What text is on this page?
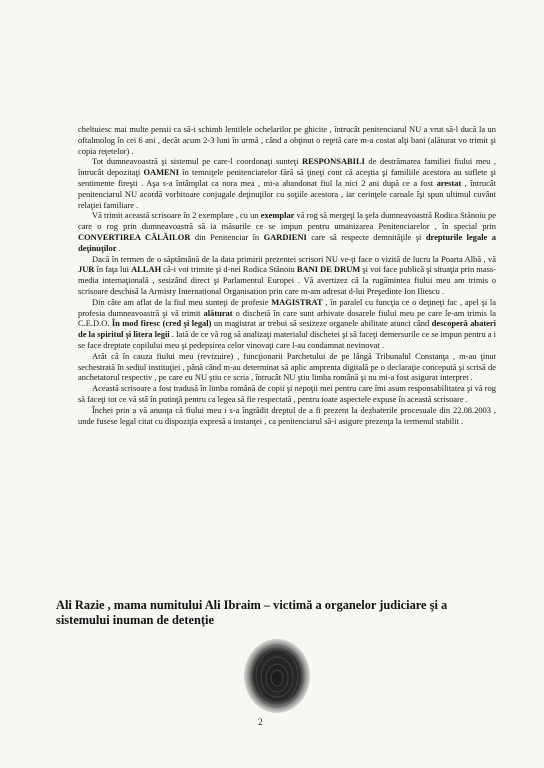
cheltuiesc mai multe pensii ca să-i schimb lentilele ochelarilor pe ghicite , întrucât penitenciarul NU a vrut să-l ducă la un oftalmolog în cei 6 ani , decât acum 2-3 luni în urmă , când a obţinut o reţetă care m-a costat alţi bani (alăturat vo trimit şi copia reţetelor) .

Tot dumneavoastră şi sistemul pe care-l coordonaţi sunteţi RESPONSABILI de destrămarea familiei fiului meu , întrucât depozitaţi OAMENI în temniţele penitenciarelor fără să ţineţi cont că aceştia şi familiile acestora au suflete şi sentimente fireşti . Aşa s-a întâmplat ca nora mea , mi-a abandonat fiul la nici 2 ani după ce a fost arestat , întrucât penitenciarul NU acordă vorbitoare conjugale deţinuţilor cu soţiile acestora , iar cerinţele carnale îşi spun ultimul cuvânt relaţiei familiare .

Vă trimit această scrisoare în 2 exemplare , cu un exemplar vă rog să mergeţi la şefa dumneavoastră Rodica Stănoiu pe care o rog prin dumneavoastră să ia măsurile ce se impun pentru umanizarea Penitenciarelor , în special prin CONVERTIREA CĂLĂILOR din Penitenciar în GARDIENI care să respecte demnităţile şi drepturile legale a deţinuţilor .

Dacă în termen de o săptămână de la data primirii prezentei scrisori NU ve-ţi face o vizită de lucru la Poarta Albă , vă JUR în faţa lui ALLAH că-i voi trimite şi d-nei Rodica Stănoiu BANI DE DRUM şi voi face publică şi situaţia prin mass-media internaţională , sesizând direct şi Parlamentul Europei . Vă avertizez că la rugămintea fiului meu am trimis o scrisoare deschisă la Armisty International Organisation prin care m-am adresat d-lui Preşedinte Ion Iliescu .

Din câte am aflat de la fiul meu sunteţi de profesie MAGISTRAT , în paralel cu funcţia ce o deţineţi fac , apel şi la profesia dumneavoastră şi vă trimit alăturat o dischetă în care sunt arhivate dosarele fiului meu pe care le-am trimis la C.E.D.O. În mod firesc (cred şi legal) un magistrat ar trebui să sesizeze organele abilitate atunci când descoperă abateri de la spiritul şi litera legii . Iată de ce vă rog să analizaţi materialul dischetei şi să faceţi demersurile ce se impun pentru a i se face dreptate copilului meu şi pedepsirea celor vinovaţi care l-au condamnat nevinovat .

Arăt că în cauza fiului meu (revizuire) , funcţionarii Parchetului de pe lângă Tribunalul Constanţa , m-au ţinut sechestrată în sediul instituţiei , până când m-au determinat să aplic amprenta digitală pe o declaraţie concepută şi scrisă de anchetatorul respectiv , pe care eu NU ştiu ce scria , întrucât NU ştiu limba română şi nu mi-a fost asigurat interpret .

Această scrisoare a fost tradusă în limba română de copii şi nepoţii mei pentru care îmi asum responsabilitatea şi vă rog să faceţi tot ce vă stă în putinţă pentru ca legea să fie respectată , pentru toate aspectele expuse în această scrisoare .

Închei prin a vă anunţa că fiului meu i s-a îngrădit dreptul de a fi prezent la dezbaterile procesuale din 22.08.2003 , unde fusese legal citat cu dispoziţia expresă a instanţei , ca penitenciarul să-i asigure prezenţa la termenul stabilit .

Ali Razie , mama numitului Ali Ibraim – victimă a organelor judiciare şi a
sistemului inuman de detenţie
2
